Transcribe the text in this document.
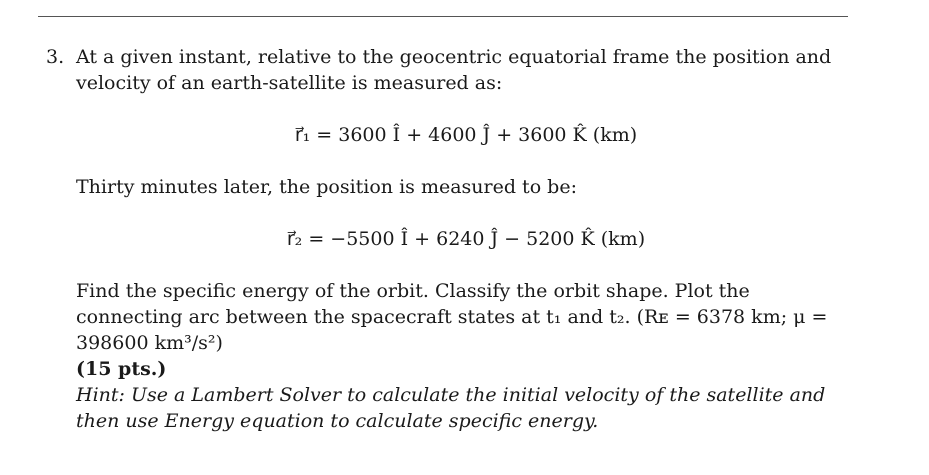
3. At a given instant, relative to the geocentric equatorial frame the position and velocity of an earth-satellite is measured as:

r⃗₁ = 3600 Î + 4600 Ĵ + 3600 K̂ (km)

Thirty minutes later, the position is measured to be:

r⃗₂ = −5500 Î + 6240 Ĵ − 5200 K̂ (km)

Find the specific energy of the orbit. Classify the orbit shape. Plot the connecting arc between the spacecraft states at t₁ and t₂. (Rᴇ = 6378 km; μ = 398600 km³/s²)

(15 pts.)

Hint: Use a Lambert Solver to calculate the initial velocity of the satellite and then use Energy equation to calculate specific energy.
